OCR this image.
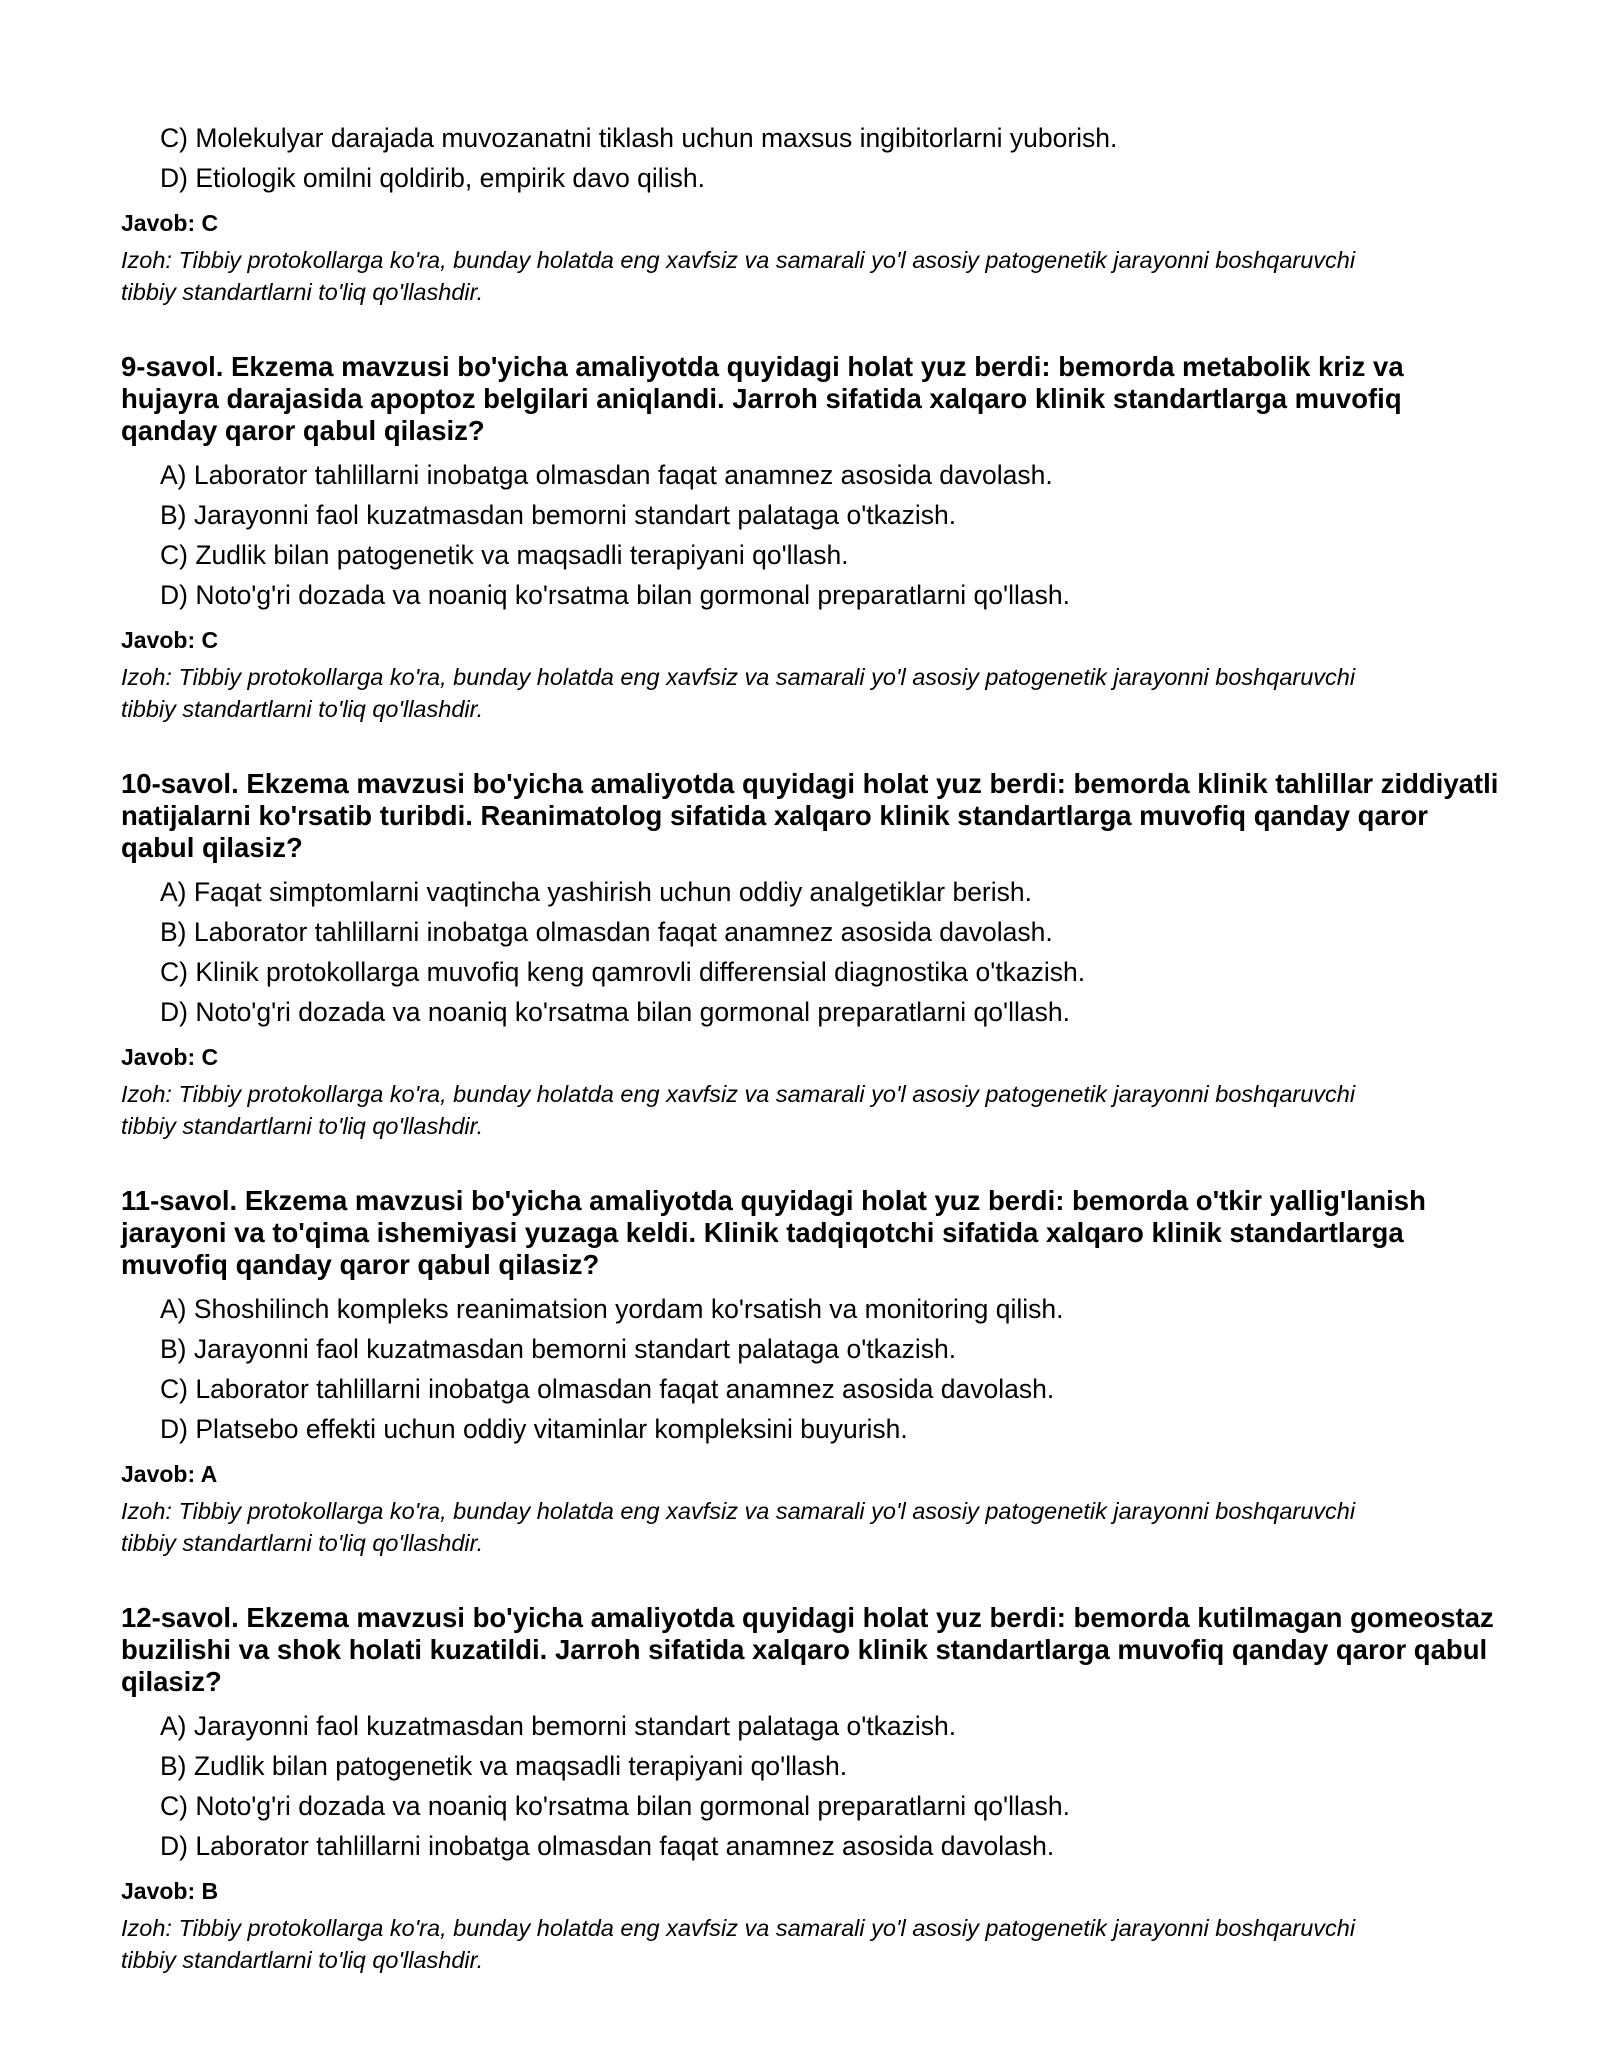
C) Molekulyar darajada muvozanatni tiklash uchun maxsus ingibitorlarni yuborish.
D) Etiologik omilni qoldirib, empirik davo qilish.
Javob: C
Izoh: Tibbiy protokollarga ko'ra, bunday holatda eng xavfsiz va samarali yo'l asosiy patogenetik jarayonni boshqaruvchi tibbiy standartlarni to'liq qo'llashdir.
9-savol. Ekzema mavzusi bo'yicha amaliyotda quyidagi holat yuz berdi: bemorda metabolik kriz va hujayra darajasida apoptoz belgilari aniqlandi. Jarroh sifatida xalqaro klinik standartlarga muvofiq qanday qaror qabul qilasiz?
A) Laborator tahlillarni inobatga olmasdan faqat anamnez asosida davolash.
B) Jarayonni faol kuzatmasdan bemorni standart palataga o'tkazish.
C) Zudlik bilan patogenetik va maqsadli terapiyani qo'llash.
D) Noto'g'ri dozada va noaniq ko'rsatma bilan gormonal preparatlarni qo'llash.
Javob: C
Izoh: Tibbiy protokollarga ko'ra, bunday holatda eng xavfsiz va samarali yo'l asosiy patogenetik jarayonni boshqaruvchi tibbiy standartlarni to'liq qo'llashdir.
10-savol. Ekzema mavzusi bo'yicha amaliyotda quyidagi holat yuz berdi: bemorda klinik tahlillar ziddiyatli natijalarni ko'rsatib turibdi. Reanimatolog sifatida xalqaro klinik standartlarga muvofiq qanday qaror qabul qilasiz?
A) Faqat simptomlarni vaqtincha yashirish uchun oddiy analgetiklar berish.
B) Laborator tahlillarni inobatga olmasdan faqat anamnez asosida davolash.
C) Klinik protokollarga muvofiq keng qamrovli differensial diagnostika o'tkazish.
D) Noto'g'ri dozada va noaniq ko'rsatma bilan gormonal preparatlarni qo'llash.
Javob: C
Izoh: Tibbiy protokollarga ko'ra, bunday holatda eng xavfsiz va samarali yo'l asosiy patogenetik jarayonni boshqaruvchi tibbiy standartlarni to'liq qo'llashdir.
11-savol. Ekzema mavzusi bo'yicha amaliyotda quyidagi holat yuz berdi: bemorda o'tkir yallig'lanish jarayoni va to'qima ishemiyasi yuzaga keldi. Klinik tadqiqotchi sifatida xalqaro klinik standartlarga muvofiq qanday qaror qabul qilasiz?
A) Shoshilinch kompleks reanimatsion yordam ko'rsatish va monitoring qilish.
B) Jarayonni faol kuzatmasdan bemorni standart palataga o'tkazish.
C) Laborator tahlillarni inobatga olmasdan faqat anamnez asosida davolash.
D) Platsebo effekti uchun oddiy vitaminlar kompleksini buyurish.
Javob: A
Izoh: Tibbiy protokollarga ko'ra, bunday holatda eng xavfsiz va samarali yo'l asosiy patogenetik jarayonni boshqaruvchi tibbiy standartlarni to'liq qo'llashdir.
12-savol. Ekzema mavzusi bo'yicha amaliyotda quyidagi holat yuz berdi: bemorda kutilmagan gomeostaz buzilishi va shok holati kuzatildi. Jarroh sifatida xalqaro klinik standartlarga muvofiq qanday qaror qabul qilasiz?
A) Jarayonni faol kuzatmasdan bemorni standart palataga o'tkazish.
B) Zudlik bilan patogenetik va maqsadli terapiyani qo'llash.
C) Noto'g'ri dozada va noaniq ko'rsatma bilan gormonal preparatlarni qo'llash.
D) Laborator tahlillarni inobatga olmasdan faqat anamnez asosida davolash.
Javob: B
Izoh: Tibbiy protokollarga ko'ra, bunday holatda eng xavfsiz va samarali yo'l asosiy patogenetik jarayonni boshqaruvchi tibbiy standartlarni to'liq qo'llashdir.
